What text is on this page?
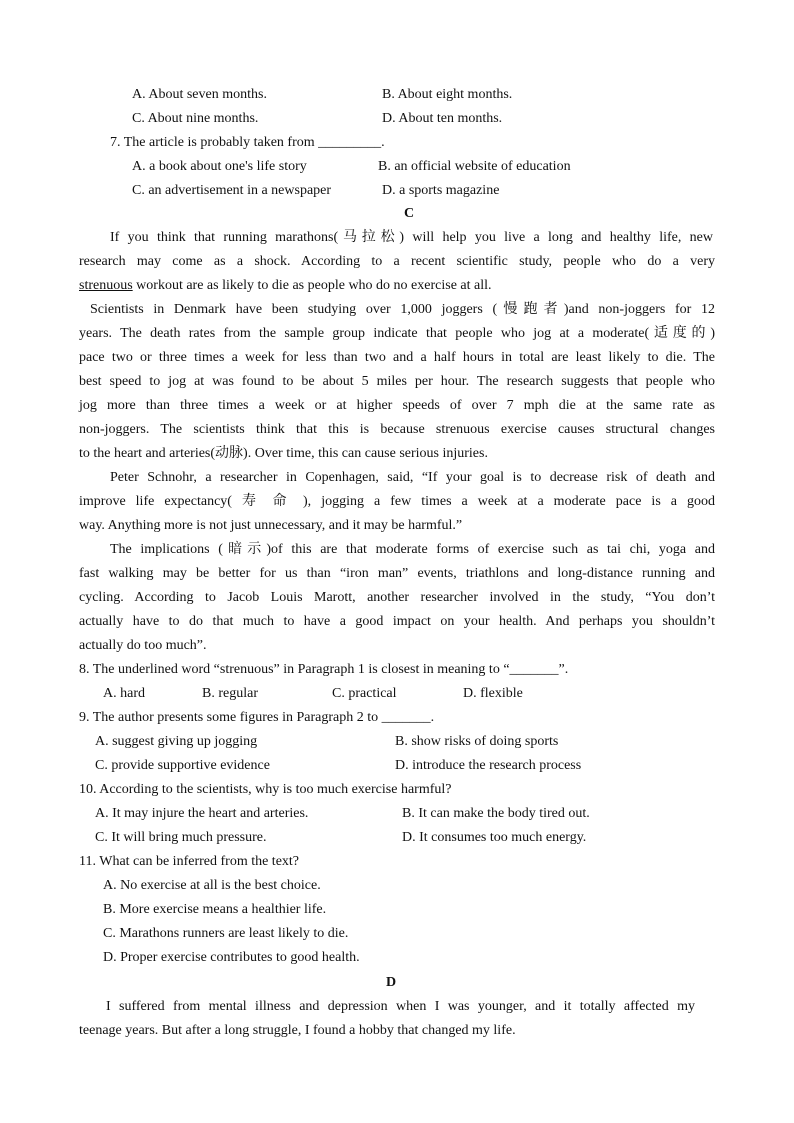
A. About seven months.	B. About eight months.
C. About nine months.	D. About ten months.
7. The article is probably taken from _________.
A. a book about one's life story	B. an official website of education
C. an advertisement in a newspaper	D. a sports magazine
C
If you think that running marathons(马拉松) will help you live a long and healthy life, new
research may come as a shock. According to a recent scientific study, people who do a very
strenuous workout are as likely to die as people who do no exercise at all.
Scientists in Denmark have been studying over 1,000 joggers (慢跑者)and non-joggers for 12
years. The death rates from the sample group indicate that people who jog at a moderate(适度的)
pace two or three times a week for less than two and a half hours in total are least likely to die. The
best speed to jog at was found to be about 5 miles per hour. The research suggests that people who
jog more than three times a week or at higher speeds of over 7 mph die at the same rate as
non-joggers. The scientists think that this is because strenuous exercise causes structural changes
to the heart and arteries(动脉). Over time, this can cause serious injuries.
Peter Schnohr, a researcher in Copenhagen, said, “If your goal is to decrease risk of death and
improve life expectancy( 寿 命 ), jogging a few times a week at a moderate pace is a good
way. Anything more is not just unnecessary, and it may be harmful.”
The implications (暗示)of this are that moderate forms of exercise such as tai chi, yoga and
fast walking may be better for us than “iron man” events, triathlons and long-distance running and
cycling. According to Jacob Louis Marott, another researcher involved in the study, “You don’t
actually have to do that much to have a good impact on your health. And perhaps you shouldn’t
actually do too much”.
8. The underlined word “strenuous” in Paragraph 1 is closest in meaning to “_______”.
A. hard	B. regular	C. practical	D. flexible
9. The author presents some figures in Paragraph 2 to _______.
A. suggest giving up jogging	B. show risks of doing sports
C. provide supportive evidence	D. introduce the research process
10. According to the scientists, why is too much exercise harmful?
A. It may injure the heart and arteries.	B. It can make the body tired out.
C. It will bring much pressure.	D. It consumes too much energy.
11. What can be inferred from the text?
A. No exercise at all is the best choice.
B. More exercise means a healthier life.
C. Marathons runners are least likely to die.
D. Proper exercise contributes to good health.
D
I suffered from mental illness and depression when I was younger, and it totally affected my
teenage years. But after a long struggle, I found a hobby that changed my life.
